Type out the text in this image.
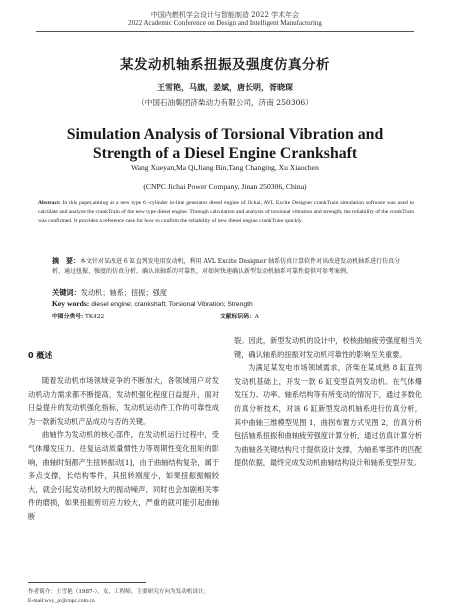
中国内燃机学会设计与智能制造 2022 学术年会
2022 Academic Conference on Design and Intelligent Manufacturing
某发动机轴系扭振及强度仿真分析
王雪艳，马旗，姜斌，唐长明，胥晓琛
（中国石油集团济柴动力有限公司，济南 250306）
Simulation Analysis of Torsional Vibration and
Strength of a Diesel Engine Crankshaft
Wang Xueyan,Ma Qi,Jiang Bin,Tang Changing, Xu Xiaochen
(CNPC Jichai Power Company, Jinan 250306, China)
Abstract: In this paper,aiming at a new type 6 -cylinder in-line generator diesel engine of Jichai, AVL Excite Designer crankTrain simulation software was used to calcülate and analyze the crankTrain of the new type diesel engine. Through calculation and analysis of torsional vibration and strength, the reliability of the crankTrain was confirmed. It provides a reference case for how to confirm the reliability of new diesel engine crankTrain quickly.
摘　要：本文针对某改进 6 缸直列发电用发动机，利用 AVL Excite Designer 轴系仿真计算软件对该改进发动机轴系进行仿真分析，通过扭振、强度的仿真分析，确认该轴系的可靠性，对如何快速确认新型发动机轴系可靠性提供可参考案例。
关键词：发动机；轴系；扭振；强度
Key words: diesel engine; crankshaft; Torsional Vibration; Strength
中图分类号: TK422	文献标识码：A
0 概述

随着发动机市场领域竞争的不断加大，各领域用户对发动机动力需求都不断提高，发动机强化程度日益提升，面对日益提升的发动机强化指标，发动机运动件工作的可靠性成为一款新发动机产品成功与否的关键。

曲轴作为发动机的核心部件，在发动机运行过程中，受气体爆发压力、往复运动质量惯性力等周期性变化扭矩的影响，曲轴时刻都产生扭转振动[1]，由于曲轴结构复杂，属于多点支撑，长结构零件，其扭转刚度小，如果扭振振幅较大，就会引起发动机较大的振动噪声，同时也会加剧相关零件的磨损，如果扭振剪切应力较大，严重的就可能引起曲轴断

裂。因此，新型发动机的设计中，校核曲轴疲劳强度相当关键，确认轴系的扭振对发动机可靠性的影响至关重要。

为满足某发电市场领域需求，济柴在某成熟 8 缸直列发动机基础上，开发一款 6 缸变型直列发动机。在气体爆发压力、功率、轴系结构等有所变动的情况下，通过多数化仿真分析技术，对该 6 缸新型发动机轴系进行仿真分析，其中曲轴三维模型见图 1，曲拐布置方式见图 2，仿真分析包括轴系扭振和曲轴疲劳强度计算分析，通过仿真计算分析为曲轴各关键结构尺寸提供设计支撑，为轴系零部件的匹配提供依据，最终完成发动机曲轴结构设计和轴系变型开发。

作者简介：王雪艳（1987-），女，工程师，主要研究方向为发动机设计。
E-mail:wxy_jc@cnpc.com.cn
